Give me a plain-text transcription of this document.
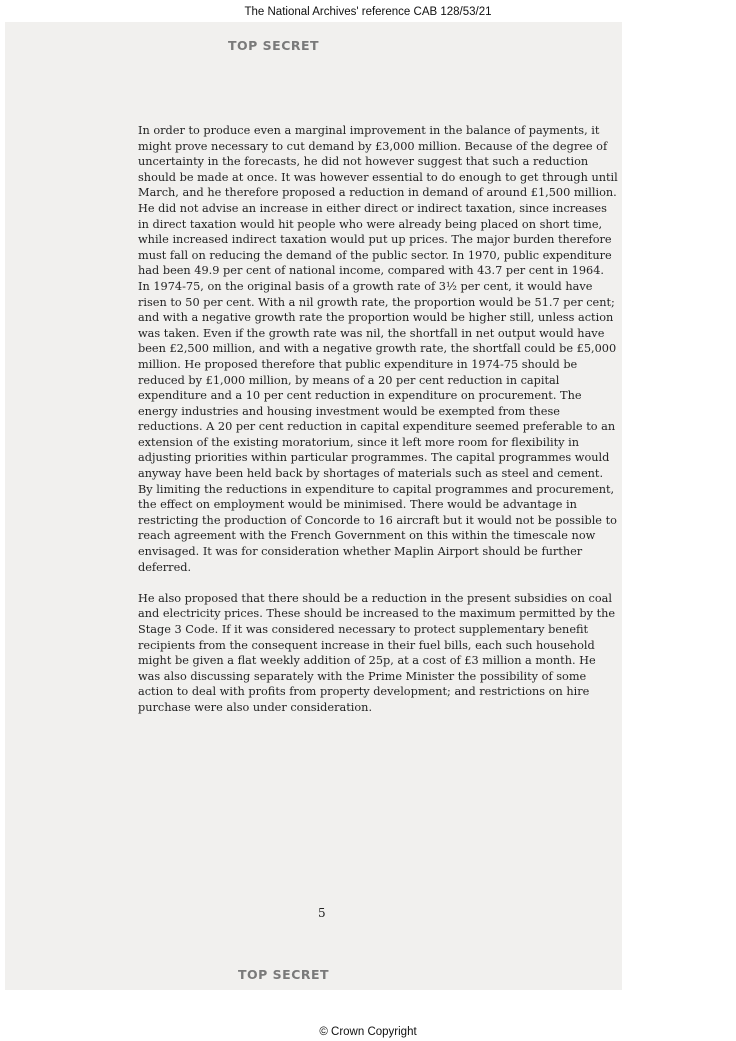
The National Archives' reference CAB 128/53/21
TOP SECRET

In order to produce even a marginal improvement in the balance of payments, it might prove necessary to cut demand by £3,000 million. Because of the degree of uncertainty in the forecasts, he did not however suggest that such a reduction should be made at once. It was however essential to do enough to get through until March, and he therefore proposed a reduction in demand of around £1,500 million. He did not advise an increase in either direct or indirect taxation, since increases in direct taxation would hit people who were already being placed on short time, while increased indirect taxation would put up prices. The major burden therefore must fall on reducing the demand of the public sector. In 1970, public expenditure had been 49.9 per cent of national income, compared with 43.7 per cent in 1964. In 1974-75, on the original basis of a growth rate of 3½ per cent, it would have risen to 50 per cent. With a nil growth rate, the proportion would be 51.7 per cent; and with a negative growth rate the proportion would be higher still, unless action was taken. Even if the growth rate was nil, the shortfall in net output would have been £2,500 million, and with a negative growth rate, the shortfall could be £5,000 million. He proposed therefore that public expenditure in 1974-75 should be reduced by £1,000 million, by means of a 20 per cent reduction in capital expenditure and a 10 per cent reduction in expenditure on procurement. The energy industries and housing investment would be exempted from these reductions. A 20 per cent reduction in capital expenditure seemed preferable to an extension of the existing moratorium, since it left more room for flexibility in adjusting priorities within particular programmes. The capital programmes would anyway have been held back by shortages of materials such as steel and cement. By limiting the reductions in expenditure to capital programmes and procurement, the effect on employment would be minimised. There would be advantage in restricting the production of Concorde to 16 aircraft but it would not be possible to reach agreement with the French Government on this within the timescale now envisaged. It was for consideration whether Maplin Airport should be further deferred.

He also proposed that there should be a reduction in the present subsidies on coal and electricity prices. These should be increased to the maximum permitted by the Stage 3 Code. If it was considered necessary to protect supplementary benefit recipients from the consequent increase in their fuel bills, each such household might be given a flat weekly addition of 25p, at a cost of £3 million a month. He was also discussing separately with the Prime Minister the possibility of some action to deal with profits from property development; and restrictions on hire purchase were also under consideration.

5
TOP SECRET
© Crown Copyright
